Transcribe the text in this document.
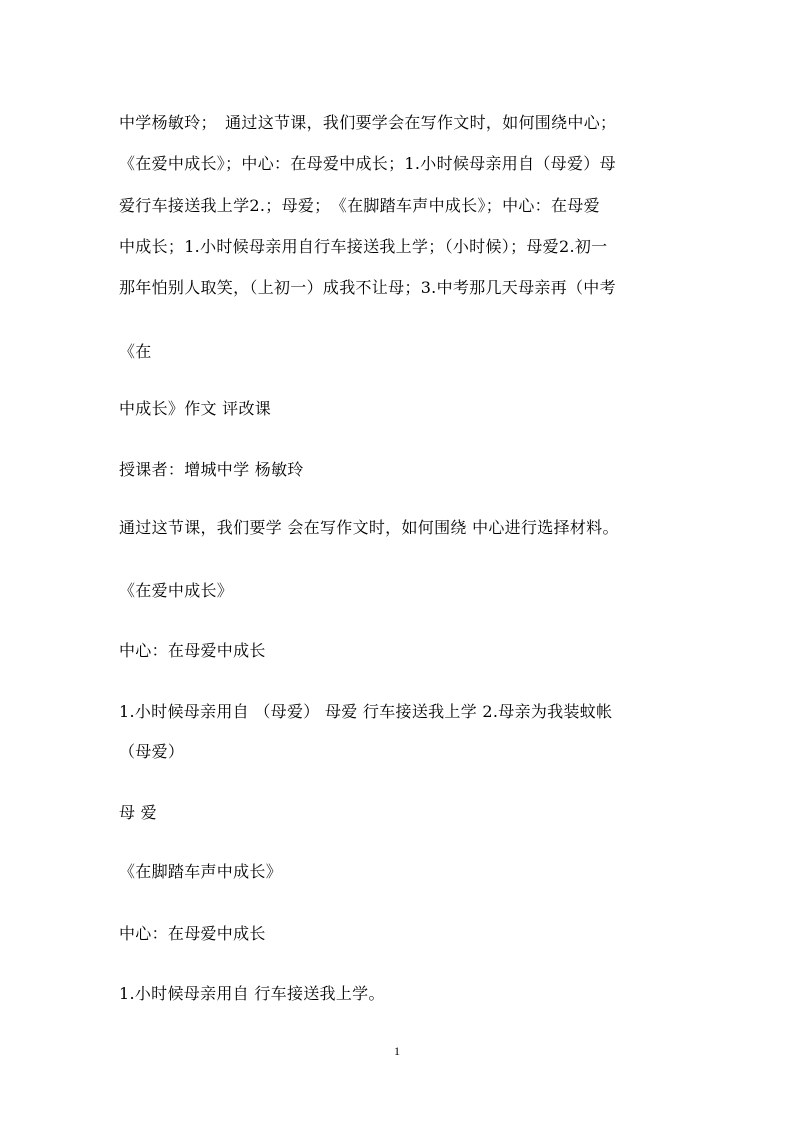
中学杨敏玲；　通过这节课，我们要学会在写作文时，如何围绕中心；
《在爱中成长》；中心：在母爱中成长；1.小时候母亲用自（母爱）母
爱行车接送我上学2.；母爱；　《在脚踏车声中成长》；中心：在母爱
中成长；1.小时候母亲用自行车接送我上学；（小时候）；母爱2.初一
那年怕别人取笑，（上初一）成我不让母；3.中考那几天母亲再（中考
《在
中成长》作文 评改课
授课者：增城中学 杨敏玲
通过这节课，我们要学 会在写作文时，如何围绕 中心进行选择材料。
《在爱中成长》
中心：在母爱中成长
1.小时候母亲用自 （母爱） 母爱 行车接送我上学 2.母亲为我装蚊帐
（母爱）
母 爱
《在脚踏车声中成长》
中心：在母爱中成长
1.小时候母亲用自 行车接送我上学。
1
